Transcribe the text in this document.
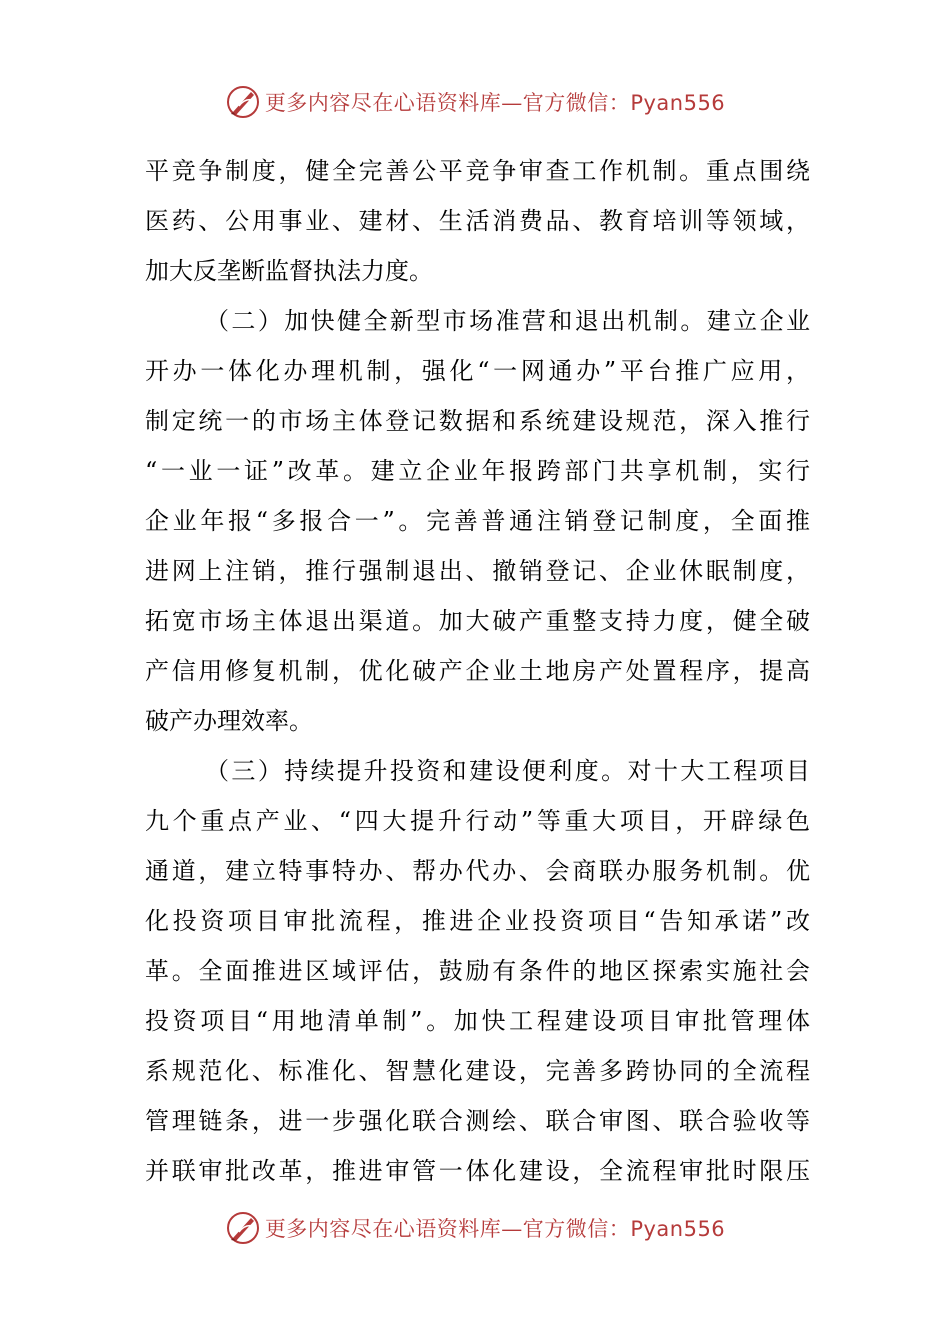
更多内容尽在心语资料库—官方微信：Pyan556
平竞争制度，健全完善公平竞争审查工作机制。重点围绕
医药、公用事业、建材、生活消费品、教育培训等领域，
加大反垄断监督执法力度。
（二）加快健全新型市场准营和退出机制。建立企业
开办一体化办理机制，强化“一网通办”平台推广应用，
制定统一的市场主体登记数据和系统建设规范，深入推行
“一业一证”改革。建立企业年报跨部门共享机制，实行
企业年报“多报合一”。完善普通注销登记制度，全面推
进网上注销，推行强制退出、撤销登记、企业休眠制度，
拓宽市场主体退出渠道。加大破产重整支持力度，健全破
产信用修复机制，优化破产企业土地房产处置程序，提高
破产办理效率。
（三）持续提升投资和建设便利度。对十大工程项目
九个重点产业、“四大提升行动”等重大项目，开辟绿色
通道，建立特事特办、帮办代办、会商联办服务机制。优
化投资项目审批流程，推进企业投资项目“告知承诺”改
革。全面推进区域评估，鼓励有条件的地区探索实施社会
投资项目“用地清单制”。加快工程建设项目审批管理体
系规范化、标准化、智慧化建设，完善多跨协同的全流程
管理链条，进一步强化联合测绘、联合审图、联合验收等
并联审批改革，推进审管一体化建设，全流程审批时限压
更多内容尽在心语资料库—官方微信：Pyan556
